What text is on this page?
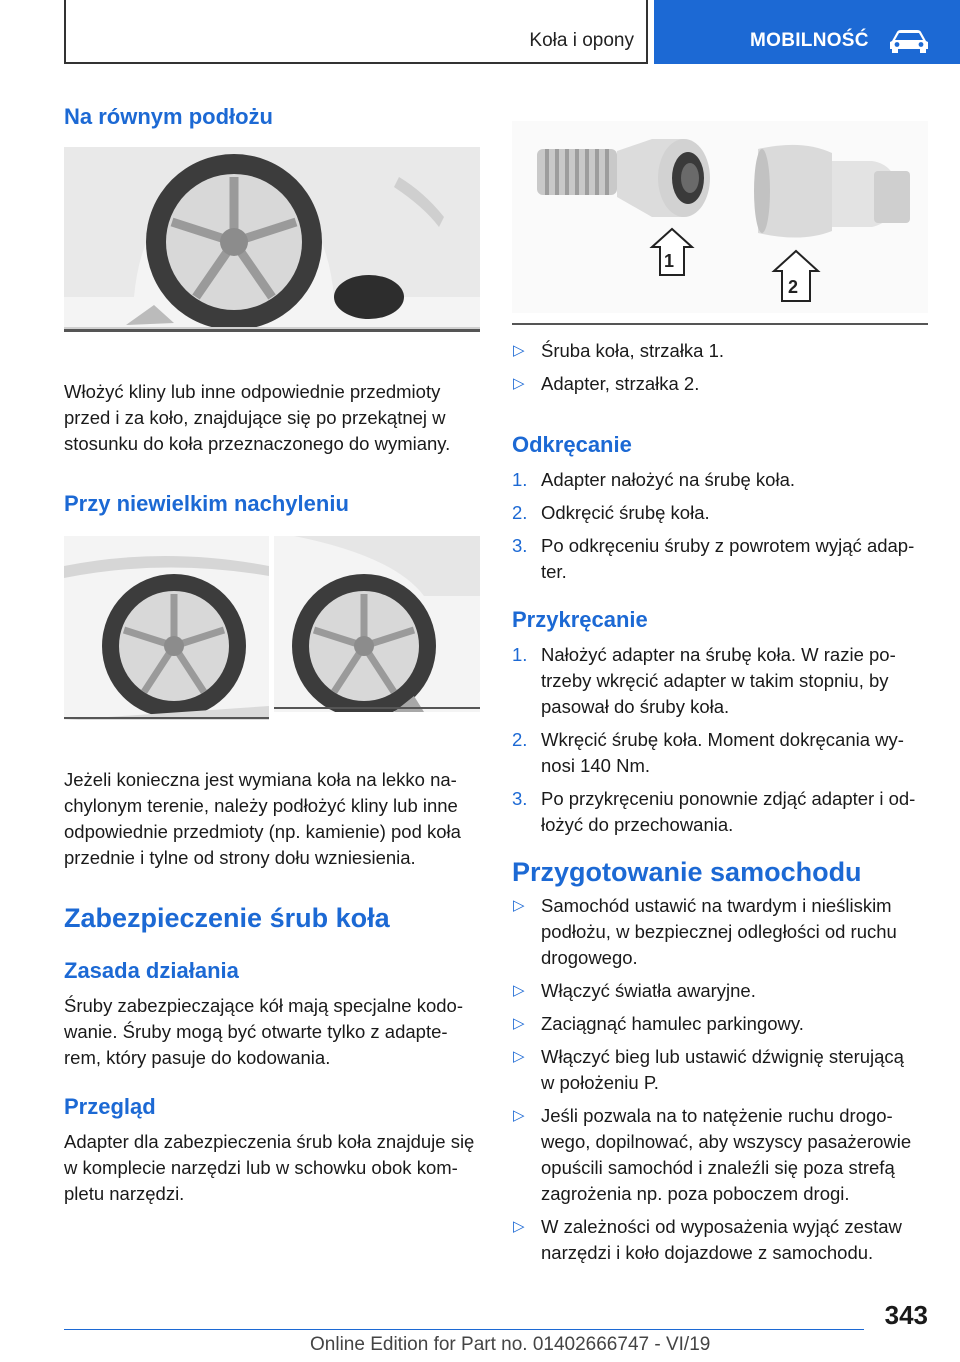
Koła i opony	MOBILNOŚĆ
Na równym podłożu
Włożyć kliny lub inne odpowiednie przedmioty
przed i za koło, znajdujące się po przekątnej w
stosunku do koła przeznaczonego do wymiany.
Przy niewielkim nachyleniu
Jeżeli konieczna jest wymiana koła na lekko na-
chylonym terenie, należy podłożyć kliny lub inne
odpowiednie przedmioty (np. kamienie) pod koła
przednie i tylne od strony dołu wzniesienia.
Zabezpieczenie śrub koła
Zasada działania
Śruby zabezpieczające kół mają specjalne kodo-
wanie. Śruby mogą być otwarte tylko z adapte-
rem, który pasuje do kodowania.
Przegląd
Adapter dla zabezpieczenia śrub koła znajduje się
w komplecie narzędzi lub w schowku obok kom-
pletu narzędzi.
1
2
▷ Śruba koła, strzałka 1.
▷ Adapter, strzałka 2.
Odkręcanie
1. Adapter nałożyć na śrubę koła.
2. Odkręcić śrubę koła.
3. Po odkręceniu śruby z powrotem wyjąć adap-
ter.
Przykręcanie
1. Nałożyć adapter na śrubę koła. W razie po-
trzeby wkręcić adapter w takim stopniu, by
pasował do śruby koła.
2. Wkręcić śrubę koła. Moment dokręcania wy-
nosi 140 Nm.
3. Po przykręceniu ponownie zdjąć adapter i od-
łożyć do przechowania.
Przygotowanie samochodu
▷ Samochód ustawić na twardym i nieśliskim
podłożu, w bezpiecznej odległości od ruchu
drogowego.
▷ Włączyć światła awaryjne.
▷ Zaciągnąć hamulec parkingowy.
▷ Włączyć bieg lub ustawić dźwignię sterującą
w położeniu P.
▷ Jeśli pozwala na to natężenie ruchu drogo-
wego, dopilnować, aby wszyscy pasażerowie
opuścili samochód i znaleźli się poza strefą
zagrożenia np. poza poboczem drogi.
▷ W zależności od wyposażenia wyjąć zestaw
narzędzi i koło dojazdowe z samochodu.
343
Online Edition for Part no. 01402666747 - VI/19
